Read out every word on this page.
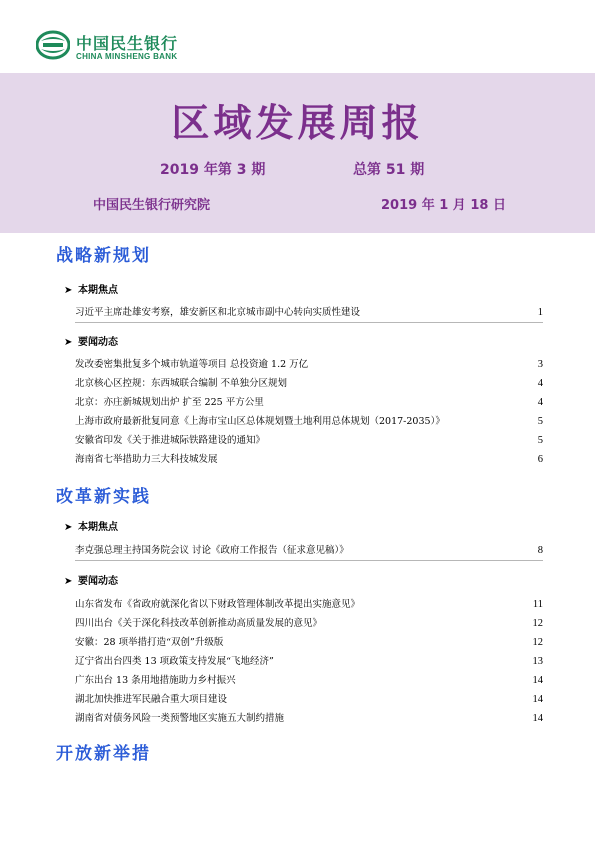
中国民生银行
CHINA MINSHENG BANK
区域发展周报
2019 年第 3 期	总第 51 期
中国民生银行研究院	2019 年 1 月 18 日
战略新规划
➤ 本期焦点
习近平主席赴雄安考察，雄安新区和北京城市副中心转向实质性建设	1
➤ 要闻动态
发改委密集批复多个城市轨道等项目 总投资逾 1.2 万亿	3
北京核心区控规：东西城联合编制 不单独分区规划	4
北京：亦庄新城规划出炉 扩至 225 平方公里	4
上海市政府最新批复同意《上海市宝山区总体规划暨土地利用总体规划（2017-2035）》	5
安徽省印发《关于推进城际铁路建设的通知》	5
海南省七举措助力三大科技城发展	6
改革新实践
➤ 本期焦点
李克强总理主持国务院会议 讨论《政府工作报告（征求意见稿）》	8
➤ 要闻动态
山东省发布《省政府就深化省以下财政管理体制改革提出实施意见》	11
四川出台《关于深化科技改革创新推动高质量发展的意见》	12
安徽：28 项举措打造“双创”升级版	12
辽宁省出台四类 13 项政策支持发展“飞地经济”	13
广东出台 13 条用地措施助力乡村振兴	14
湖北加快推进军民融合重大项目建设	14
湖南省对债务风险一类预警地区实施五大制约措施	14
开放新举措
